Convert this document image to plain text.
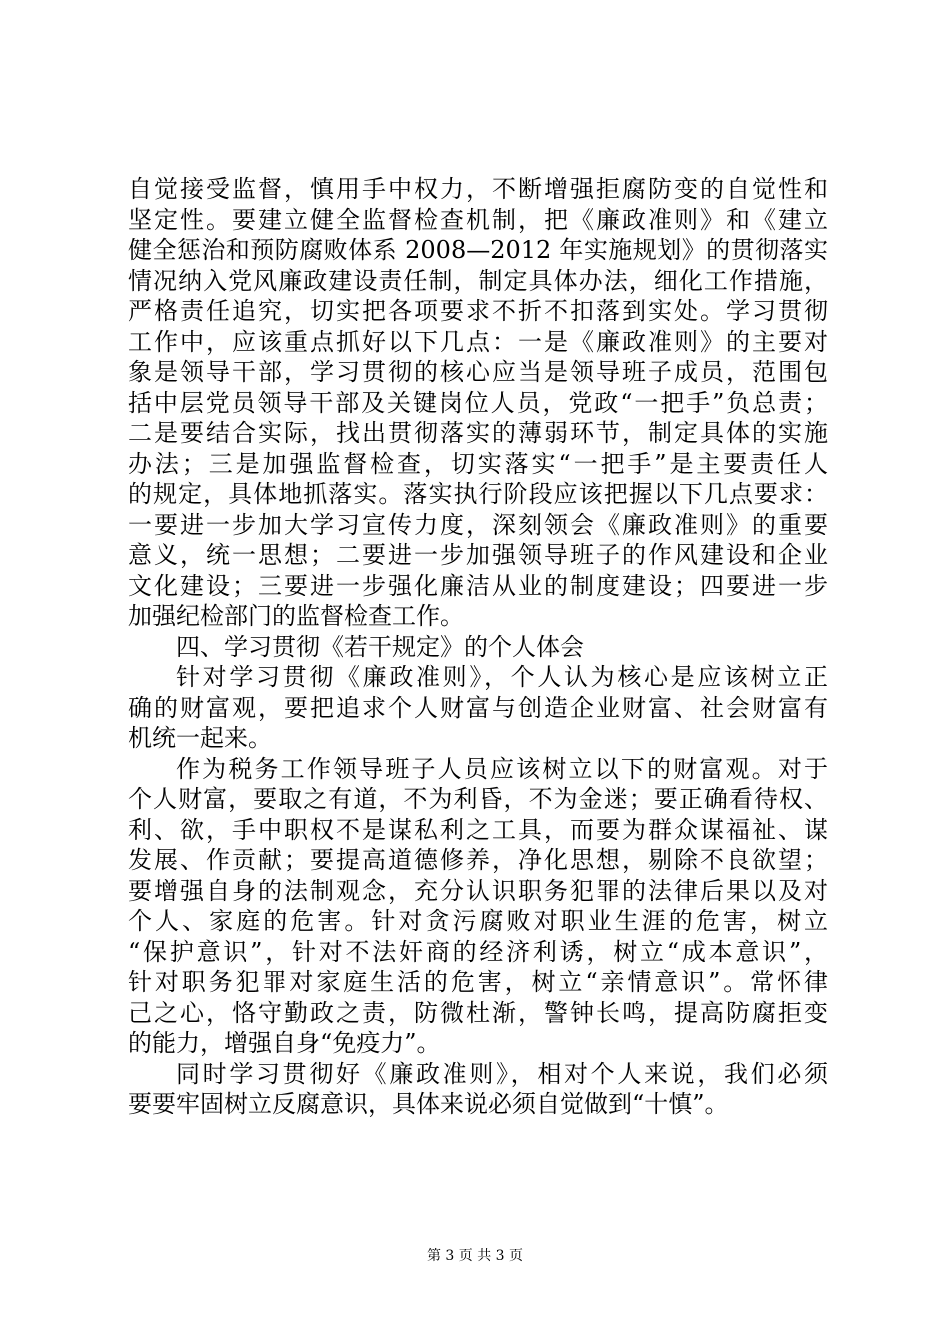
自觉接受监督，慎用手中权力，不断增强拒腐防变的自觉性和
坚定性。要建立健全监督检查机制，把《廉政准则》和《建立
健全惩治和预防腐败体系 2008—2012 年实施规划》的贯彻落实
情况纳入党风廉政建设责任制，制定具体办法，细化工作措施，
严格责任追究，切实把各项要求不折不扣落到实处。学习贯彻
工作中，应该重点抓好以下几点：一是《廉政准则》的主要对
象是领导干部，学习贯彻的核心应当是领导班子成员，范围包
括中层党员领导干部及关键岗位人员，党政“一把手”负总责；
二是要结合实际，找出贯彻落实的薄弱环节，制定具体的实施
办法；三是加强监督检查，切实落实“一把手”是主要责任人
的规定，具体地抓落实。落实执行阶段应该把握以下几点要求：
一要进一步加大学习宣传力度，深刻领会《廉政准则》的重要
意义，统一思想；二要进一步加强领导班子的作风建设和企业
文化建设；三要进一步强化廉洁从业的制度建设；四要进一步
加强纪检部门的监督检查工作。
四、学习贯彻《若干规定》的个人体会
针对学习贯彻《廉政准则》，个人认为核心是应该树立正
确的财富观，要把追求个人财富与创造企业财富、社会财富有
机统一起来。
作为税务工作领导班子人员应该树立以下的财富观。对于
个人财富，要取之有道，不为利昏，不为金迷；要正确看待权、
利、欲，手中职权不是谋私利之工具，而要为群众谋福祉、谋
发展、作贡献；要提高道德修养，净化思想，剔除不良欲望；
要增强自身的法制观念，充分认识职务犯罪的法律后果以及对
个人、家庭的危害。针对贪污腐败对职业生涯的危害，树立
“保护意识”，针对不法奸商的经济利诱，树立“成本意识”，
针对职务犯罪对家庭生活的危害，树立“亲情意识”。常怀律
己之心，恪守勤政之责，防微杜渐，警钟长鸣，提高防腐拒变
的能力，增强自身“免疫力”。
同时学习贯彻好《廉政准则》，相对个人来说，我们必须
要要牢固树立反腐意识，具体来说必须自觉做到“十慎”。
第 3 页 共 3 页
